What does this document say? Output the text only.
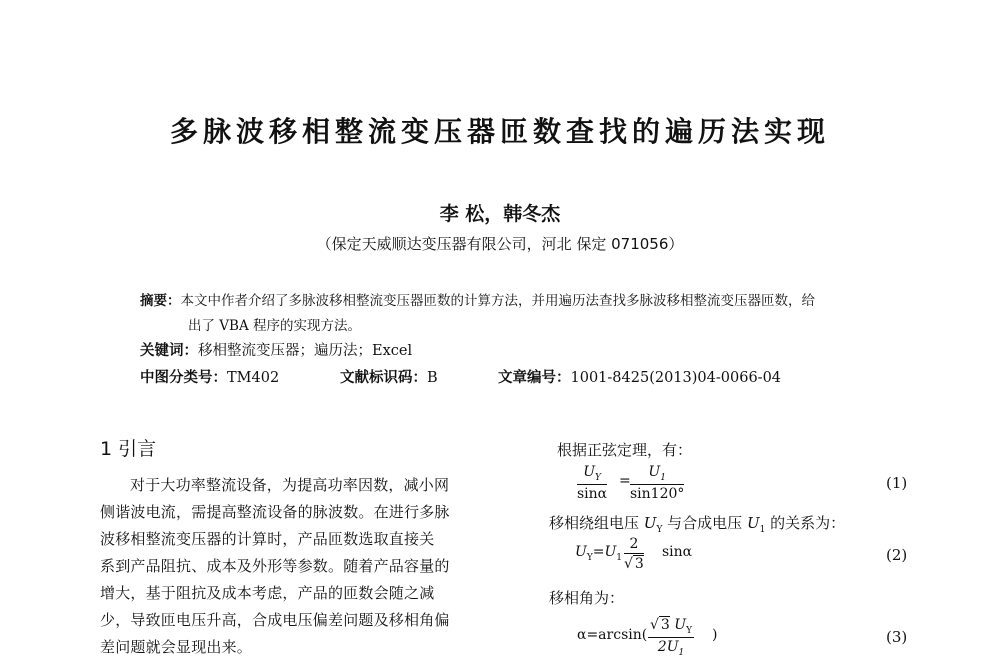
多脉波移相整流变压器匝数查找的遍历法实现
李 松，韩冬杰
（保定天威顺达变压器有限公司，河北 保定 071056）
摘要：本文中作者介绍了多脉波移相整流变压器匝数的计算方法，并用遍历法查找多脉波移相整流变压器匝数，给
出了 VBA 程序的实现方法。
关键词：移相整流变压器；遍历法；Excel
中图分类号：TM402	文献标识码：B	文章编号：1001-8425(2013)04-0066-04
1 引言
对于大功率整流设备，为提高功率因数，减小网
侧谐波电流，需提高整流设备的脉波数。在进行多脉
波移相整流变压器的计算时，产品匝数选取直接关
系到产品阻抗、成本及外形等参数。随着产品容量的
增大，基于阻抗及成本考虑，产品的匝数会随之减
少，导致匝电压升高，合成电压偏差问题及移相角偏
差问题就会显现出来。
根据正弦定理，有：
$\frac{U_Y}{\sin\alpha} = \frac{U_1}{\sin 120^\circ}$	(1)
移相绕组电压 $U_Y$ 与合成电压 $U_1$ 的关系为：
$U_Y=U_1 \frac{2}{√ 3}$ sinα	(2)
移相角为：
$\alpha=\arcsin( \frac{√ 3 U_Y}{2U_1}$ )	(3)
